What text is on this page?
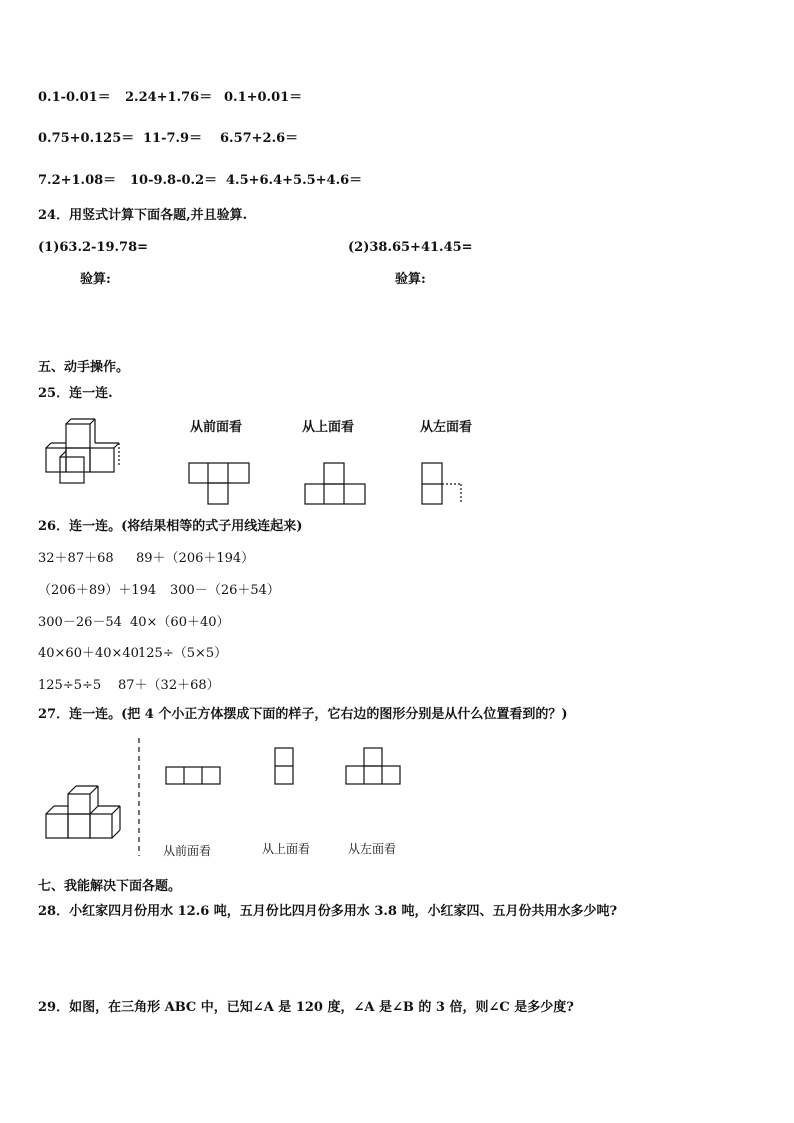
0.1-0.01＝ 2.24+1.76＝ 0.1+0.01＝
0.75+0.125＝ 11-7.9＝ 6.57+2.6＝
7.2+1.08＝ 10-9.8-0.2＝ 4.5+6.4+5.5+4.6＝
24．用竖式计算下面各题,并且验算.
(1)63.2-19.78=	(2)38.65+41.45=
验算:	验算:
五、动手操作。
25．连一连.
从前面看	从上面看	从左面看
26．连一连。(将结果相等的式子用线连起来)
32＋87＋68 89＋（206＋194）
（206＋89）＋194 300－（26＋54）
300－26－54 40×（60＋40）
40×60＋40×40 125÷（5×5）
125÷5÷5 87＋（32＋68）
27．连一连。(把 4 个小正方体摆成下面的样子，它右边的图形分别是从什么位置看到的？)
从前面看	从上面看	从左面看
七、我能解决下面各题。
28．小红家四月份用水 12.6 吨，五月份比四月份多用水 3.8 吨，小红家四、五月份共用水多少吨?
29．如图，在三角形 ABC 中，已知∠A 是 120 度，∠A 是∠B 的 3 倍，则∠C 是多少度?
